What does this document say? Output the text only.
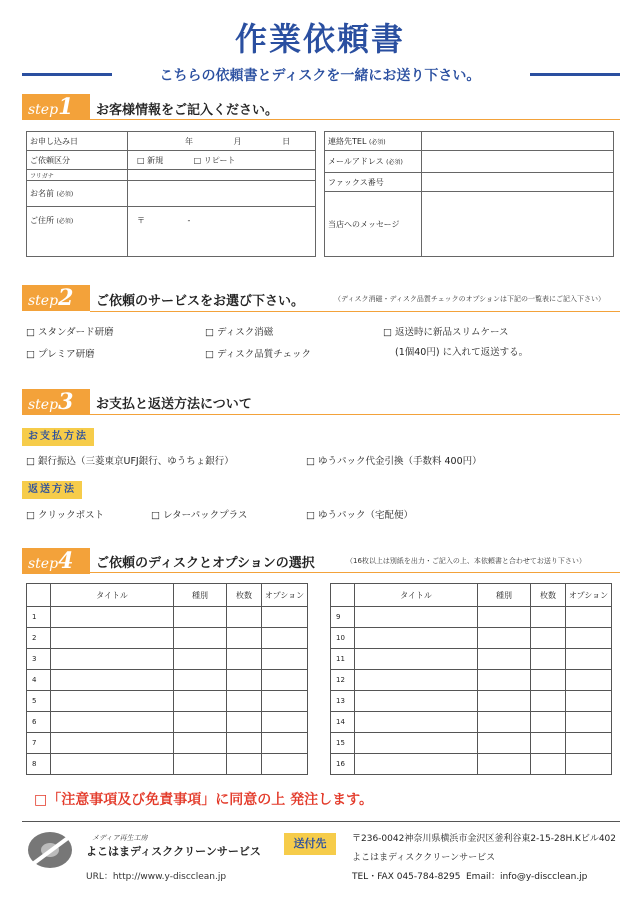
作業依頼書
こちらの依頼書とディスクを一緒にお送り下さい。
step1	お客様情報をご記入ください。
お申し込み日	年 月 日
ご依頼区分	□ 新規 □ リピート
フリガナ	
お名前 (必須)	
ご住所 (必須)	〒 -
連絡先TEL (必須)	
メールアドレス (必須)	
ファックス番号	
当店へのメッセージ	
step2	ご依頼のサービスをお選び下さい。	（ディスク消磁・ディスク品質チェックのオプションは下記の一覧表にご記入下さい）
□ スタンダード研磨
□ プレミア研磨
□ ディスク消磁
□ ディスク品質チェック
□ 返送時に新品スリムケース
(1個40円) に入れて返送する。
step3	お支払と返送方法について
お支払方法
□ 銀行振込（三菱東京UFJ銀行、ゆうちょ銀行）	□ ゆうパック代金引換（手数料 400円）
返送方法
□ クリックポスト	□ レターパックプラス	□ ゆうパック（宅配便）
step4	ご依頼のディスクとオプションの選択	（16枚以上は別紙を出力・ご記入の上、本依頼書と合わせてお送り下さい）
	タイトル	種別	枚数	オプション
1				
2				
3				
4				
5				
6				
7				
8				
	タイトル	種別	枚数	オプション
9				
10				
11				
12				
13				
14				
15				
16				
□「注意事項及び免責事項」に同意の上 発注します。
メディア再生工房
よこはまディスククリーンサービス
URL：http://www.y-discclean.jp
送付先	〒236-0042神奈川県横浜市金沢区釜利谷東2-15-28H.Kビル402
よこはまディスククリーンサービス
TEL・FAX 045-784-8295 Email：info@y-discclean.jp
